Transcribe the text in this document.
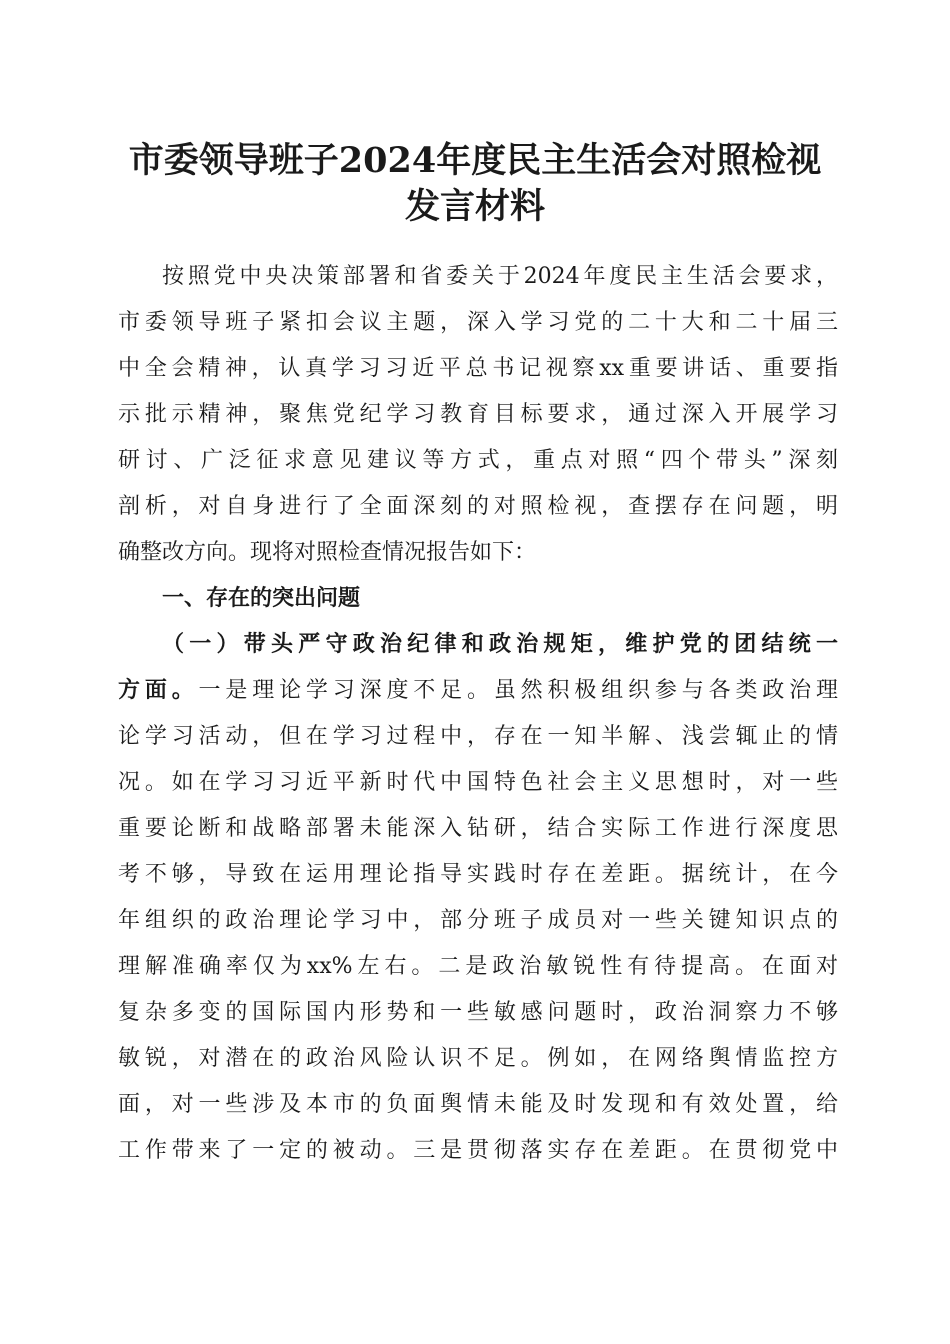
市委领导班子2024年度民主生活会对照检视
发言材料
按照党中央决策部署和省委关于2024年度民主生活会要求，
市委领导班子紧扣会议主题，深入学习党的二十大和二十届三
中全会精神，认真学习习近平总书记视察xx重要讲话、重要指
示批示精神，聚焦党纪学习教育目标要求，通过深入开展学习
研讨、广泛征求意见建议等方式，重点对照“四个带头”深刻
剖析，对自身进行了全面深刻的对照检视，查摆存在问题，明
确整改方向。现将对照检查情况报告如下：
一、存在的突出问题
（一）带头严守政治纪律和政治规矩，维护党的团结统一
方面。一是理论学习深度不足。虽然积极组织参与各类政治理
论学习活动，但在学习过程中，存在一知半解、浅尝辄止的情
况。如在学习习近平新时代中国特色社会主义思想时，对一些
重要论断和战略部署未能深入钻研，结合实际工作进行深度思
考不够，导致在运用理论指导实践时存在差距。据统计，在今
年组织的政治理论学习中，部分班子成员对一些关键知识点的
理解准确率仅为xx%左右。二是政治敏锐性有待提高。在面对
复杂多变的国际国内形势和一些敏感问题时，政治洞察力不够
敏锐，对潜在的政治风险认识不足。例如，在网络舆情监控方
面，对一些涉及本市的负面舆情未能及时发现和有效处置，给
工作带来了一定的被动。三是贯彻落实存在差距。在贯彻党中
